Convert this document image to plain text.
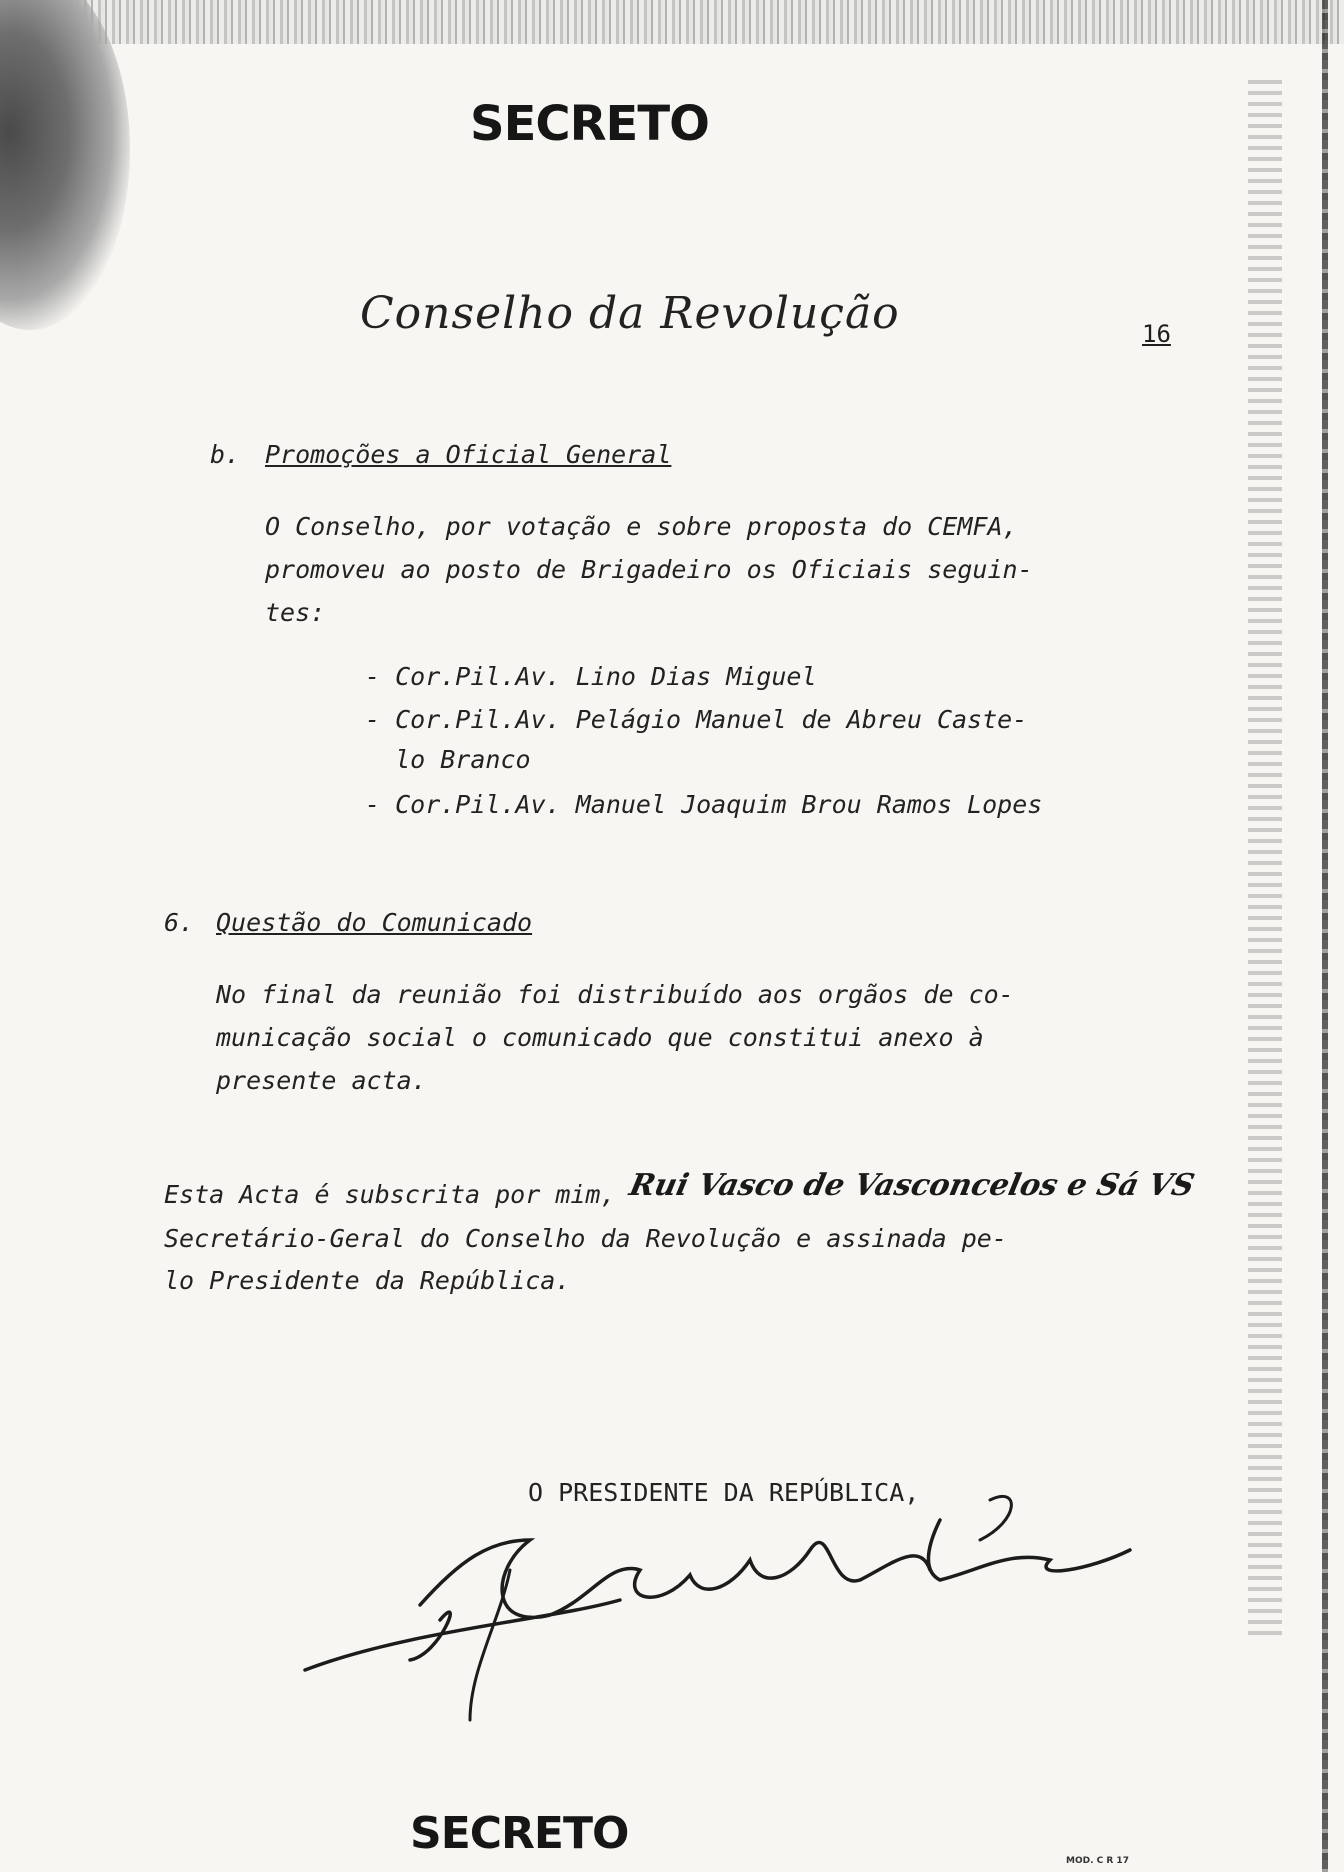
SECRETO
Conselho da Revolução	16
b. Promoções a Oficial General
O Conselho, por votação e sobre proposta do CEMFA,
promoveu ao posto de Brigadeiro os Oficiais seguin-
tes:
- Cor.Pil.Av. Lino Dias Miguel
- Cor.Pil.Av. Pelágio Manuel de Abreu Caste-
lo Branco
- Cor.Pil.Av. Manuel Joaquim Brou Ramos Lopes
6. Questão do Comunicado
No final da reunião foi distribuído aos orgãos de co-
municação social o comunicado que constitui anexo à
presente acta.
Esta Acta é subscrita por mim, Rui Vasco de Vasconcelos e Sá VS
Secretário-Geral do Conselho da Revolução e assinada pe-
lo Presidente da República.
O PRESIDENTE DA REPÚBLICA,
SECRETO
MOD. C R 17
